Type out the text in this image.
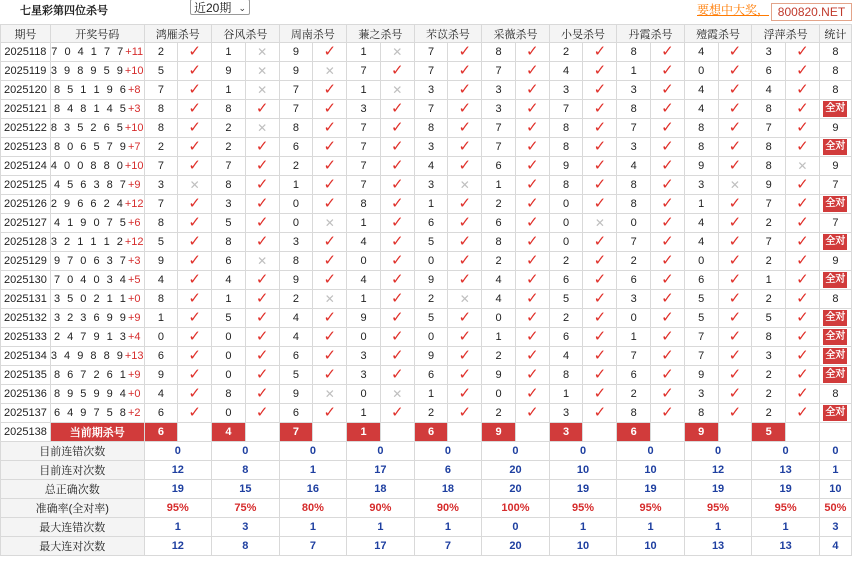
七星彩第四位杀号	近20期 ⌄	要想中大奖， 800820.NET
期号	开奖号码	鸿雁杀号		谷风杀号		周南杀号		蒹之杀号		芣苡杀号		采薇杀号		小旻杀号		丹霞杀号		殪霞杀号		浮萍杀号		统计
2025118	7 0 4 1 7 7+11	2	✓	1	✕	9	✓	1	✕	7	✓	8	✓	2	✓	8	✓	4	✓	3	✓	8
2025119	3 9 8 9 5 9+10	5	✓	9	✕	9	✕	7	✓	7	✓	7	✓	4	✓	1	✓	0	✓	6	✓	8
2025120	8 5 1 1 9 6+8	7	✓	1	✕	7	✓	1	✕	3	✓	3	✓	3	✓	3	✓	4	✓	4	✓	8
2025121	8 4 8 1 4 5+3	8	✓	8	✓	7	✓	3	✓	7	✓	3	✓	7	✓	8	✓	4	✓	8	✓	全对
2025122	8 3 5 2 6 5+10	8	✓	2	✕	8	✓	7	✓	8	✓	7	✓	8	✓	7	✓	8	✓	7	✓	9
2025123	8 0 6 5 7 9+7	2	✓	2	✓	6	✓	7	✓	3	✓	7	✓	8	✓	3	✓	8	✓	8	✓	全对
2025124	4 0 0 8 8 0+10	7	✓	7	✓	2	✓	7	✓	4	✓	6	✓	9	✓	4	✓	9	✓	8	✕	9
2025125	4 5 6 3 8 7+9	3	✕	8	✓	1	✓	7	✓	3	✕	1	✓	8	✓	8	✓	3	✕	9	✓	7
2025126	2 9 6 6 2 4+12	7	✓	3	✓	0	✓	8	✓	1	✓	2	✓	0	✓	8	✓	1	✓	7	✓	全对
2025127	4 1 9 0 7 5+6	8	✓	5	✓	0	✕	1	✓	6	✓	6	✓	0	✕	0	✓	4	✓	2	✓	7
2025128	3 2 1 1 1 2+12	5	✓	8	✓	3	✓	4	✓	5	✓	8	✓	0	✓	7	✓	4	✓	7	✓	全对
2025129	9 7 0 6 3 7+3	9	✓	6	✕	8	✓	0	✓	0	✓	2	✓	2	✓	2	✓	0	✓	2	✓	9
2025130	7 0 4 0 3 4+5	4	✓	4	✓	9	✓	4	✓	9	✓	4	✓	6	✓	6	✓	6	✓	1	✓	全对
2025131	3 5 0 2 1 1+0	8	✓	1	✓	2	✕	1	✓	2	✕	4	✓	5	✓	3	✓	5	✓	2	✓	8
2025132	3 2 3 6 9 9+9	1	✓	5	✓	4	✓	9	✓	5	✓	0	✓	2	✓	0	✓	5	✓	5	✓	全对
2025133	2 4 7 9 1 3+4	0	✓	0	✓	4	✓	0	✓	0	✓	1	✓	6	✓	1	✓	7	✓	8	✓	全对
2025134	3 4 9 8 8 9+13	6	✓	0	✓	6	✓	3	✓	9	✓	2	✓	4	✓	7	✓	7	✓	3	✓	全对
2025135	8 6 7 2 6 1+9	9	✓	0	✓	5	✓	3	✓	6	✓	9	✓	8	✓	6	✓	9	✓	2	✓	全对
2025136	8 9 5 9 9 4+0	4	✓	8	✓	9	✕	0	✕	1	✓	0	✓	1	✓	2	✓	3	✓	2	✓	8
2025137	6 4 9 7 5 8+2	6	✓	0	✓	6	✓	1	✓	2	✓	2	✓	3	✓	8	✓	8	✓	2	✓	全对
2025138	当前期杀号	6		4		7		1		6		9		3		6		9		5		
目前连错次数		0		0		0		0		0		0		0		0		0		0		0
目前连对次数		12		8		1		17		6		20		10		10		12		13		1
总正确次数		19		15		16		18		18		20		19		19		19		19		10
准确率(全对率)		95%		75%		80%		90%		90%		100%		95%		95%		95%		95%		50%
最大连错次数		1		3		1		1		1		0		1		1		1		1		3
最大连对次数		12		8		7		17		7		20		10		10		13		13		4
